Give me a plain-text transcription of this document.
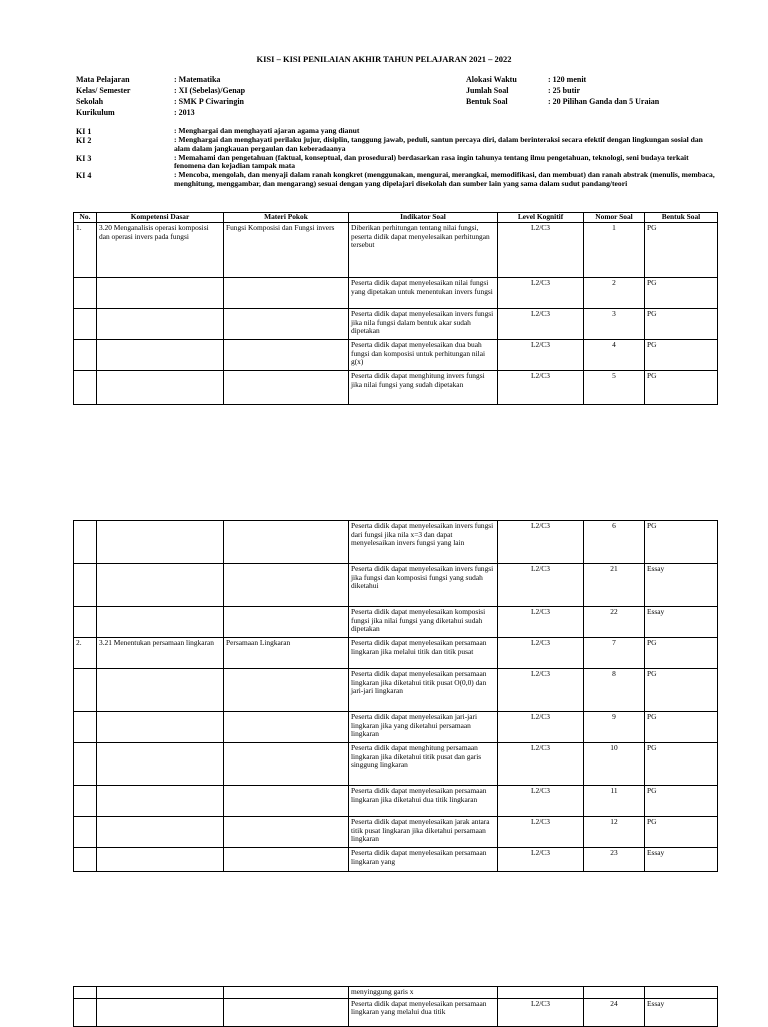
KISI – KISI PENILAIAN AKHIR TAHUN PELAJARAN 2021 – 2022
Mata Pelajaran	: Matematika
Kelas/ Semester	: XI (Sebelas)/Genap
Sekolah	: SMK P Ciwaringin
Kurikulum	: 2013
Alokasi Waktu	: 120 menit
Jumlah Soal	: 25 butir
Bentuk Soal	: 20 Pilihan Ganda dan 5 Uraian
KI 1	: Menghargai dan menghayati ajaran agama yang dianut
KI 2	: Menghargai dan menghayati perilaku jujur, disiplin, tanggung jawab, peduli, santun percaya diri, dalam berinteraksi secara efektif dengan lingkungan sosial dan alam dalam jangkauan pergaulan dan keberadaanya
KI 3	: Memahami dan pengetahuan (faktual, konseptual, dan prosedural) berdasarkan rasa ingin tahunya tentang ilmu pengetahuan, teknologi, seni budaya terkait fenomena dan kejadian tampak mata
KI 4	: Mencoba, mengolah, dan menyaji dalam ranah kongkret (menggunakan, mengurai, merangkai, memodifikasi, dan membuat) dan ranah abstrak (menulis, membaca, menghitung, menggambar, dan mengarang) sesuai dengan yang dipelajari disekolah dan sumber lain yang sama dalam sudut pandang/teori
No.	Kompetensi Dasar	Materi Pokok	Indikator Soal	Level Kognitif	Nomor Soal	Bentuk Soal
1.	3.20 Menganalisis operasi komposisi dan operasi invers pada fungsi	Fungsi Komposisi dan Fungsi invers	Diberikan perhitungan tentang nilai fungsi, peserta didik dapat menyelesaikan perhitungan tersebut	L2/C3	1	PG
			Peserta didik dapat menyelesaikan nilai fungsi yang dipetakan untuk menentukan invers fungsi	L2/C3	2	PG
			Peserta didik dapat menyelesaikan invers fungsi jika nila fungsi dalam bentuk akar sudah dipetakan	L2/C3	3	PG
			Peserta didik dapat menyelesaikan dua buah fungsi dan komposisi untuk perhitungan nilai g(x)	L2/C3	4	PG
			Peserta didik dapat menghitung invers fungsi jika nilai fungsi yang sudah dipetakan	L2/C3	5	PG
			Peserta didik dapat menyelesaikan invers fungsi dari fungsi jika nila x=3 dan dapat menyelesaikan invers fungsi yang lain	L2/C3	6	PG
			Peserta didik dapat menyelesaikan invers fungsi jika fungsi dan komposisi fungsi yang sudah diketahui	L2/C3	21	Essay
			Peserta didik dapat menyelesaikan komposisi fungsi jika nilai fungsi yang diketahui sudah dipetakan	L2/C3	22	Essay
2.	3.21 Menentukan persamaan lingkaran	Persamaan Lingkaran	Peserta didik dapat menyelesaikan persamaan lingkaran jika melalui titik dan titik pusat	L2/C3	7	PG
			Peserta didik dapat menyelesaikan persamaan lingkaran jika diketahui titik pusat O(0,0) dan jari-jari lingkaran	L2/C3	8	PG
			Peserta didik dapat menyelesaikan jari-jari lingkaran jika yang diketahui persamaan lingkaran	L2/C3	9	PG
			Peserta didik dapat menghitung persamaan lingkaran jika diketahui titik pusat dan garis singgung lingkaran	L2/C3	10	PG
			Peserta didik dapat menyelesaikan persamaan lingkaran jika diketahui dua titik lingkaran	L2/C3	11	PG
			Peserta didik dapat menyelesaikan jarak antara titik pusat lingkaran jika diketahui persamaan lingkaran	L2/C3	12	PG
			Peserta didik dapat menyelesaikan persamaan lingkaran yang	L2/C3	23	Essay
			menyinggung garis x			
			Peserta didik dapat menyelesaikan persamaan lingkaran yang melalui dua titik	L2/C3	24	Essay
